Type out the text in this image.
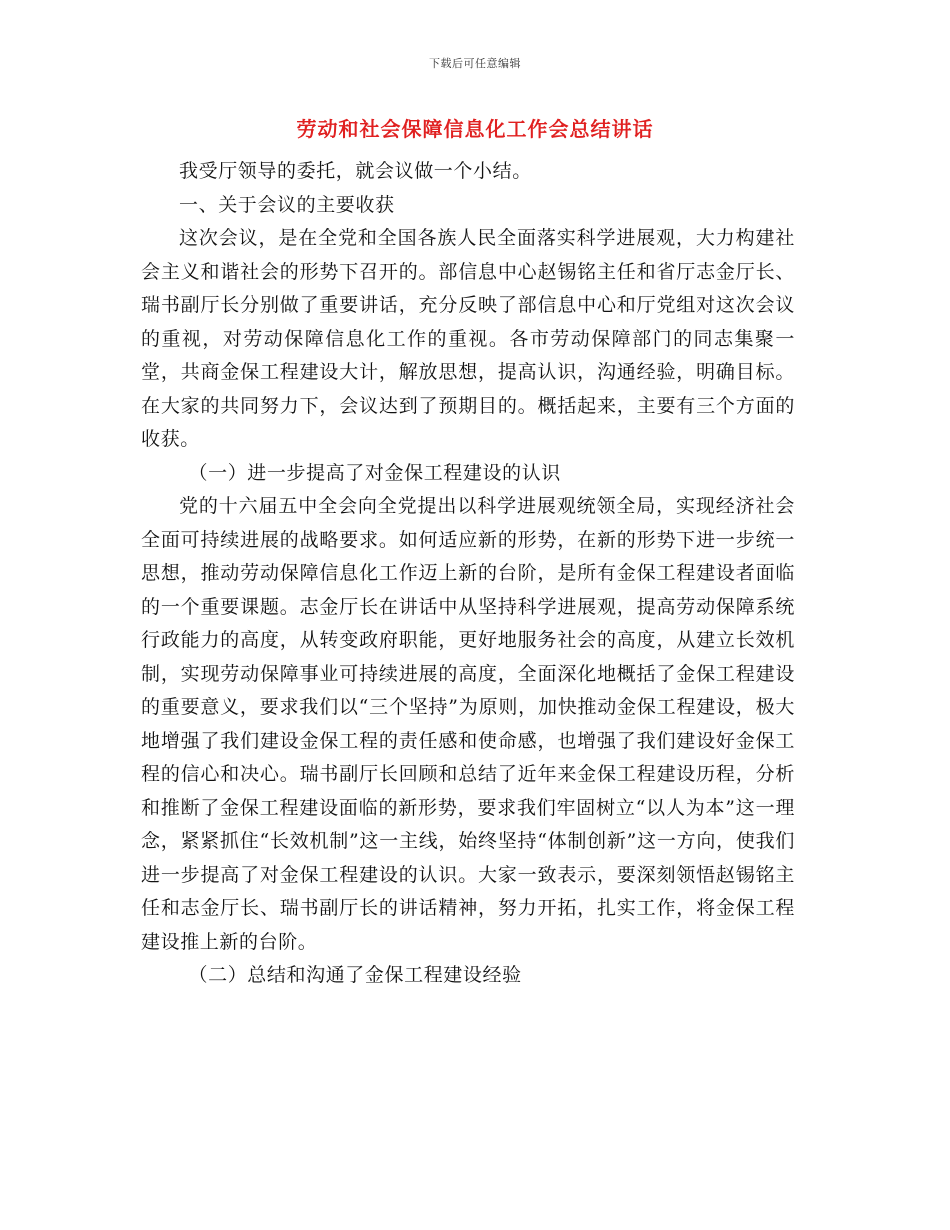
下载后可任意编辑
劳动和社会保障信息化工作会总结讲话

我受厅领导的委托，就会议做一个小结。

一、关于会议的主要收获

这次会议，是在全党和全国各族人民全面落实科学进展观，大力构建社会主义和谐社会的形势下召开的。部信息中心赵锡铭主任和省厅志金厅长、瑞书副厅长分别做了重要讲话，充分反映了部信息中心和厅党组对这次会议的重视，对劳动保障信息化工作的重视。各市劳动保障部门的同志集聚一堂，共商金保工程建设大计，解放思想，提高认识，沟通经验，明确目标。在大家的共同努力下，会议达到了预期目的。概括起来，主要有三个方面的收获。

（一）进一步提高了对金保工程建设的认识

党的十六届五中全会向全党提出以科学进展观统领全局，实现经济社会全面可持续进展的战略要求。如何适应新的形势，在新的形势下进一步统一思想，推动劳动保障信息化工作迈上新的台阶，是所有金保工程建设者面临的一个重要课题。志金厅长在讲话中从坚持科学进展观，提高劳动保障系统行政能力的高度，从转变政府职能，更好地服务社会的高度，从建立长效机制，实现劳动保障事业可持续进展的高度，全面深化地概括了金保工程建设的重要意义，要求我们以“三个坚持”为原则，加快推动金保工程建设，极大地增强了我们建设金保工程的责任感和使命感，也增强了我们建设好金保工程的信心和决心。瑞书副厅长回顾和总结了近年来金保工程建设历程，分析和推断了金保工程建设面临的新形势，要求我们牢固树立“以人为本”这一理念，紧紧抓住“长效机制”这一主线，始终坚持“体制创新”这一方向，使我们进一步提高了对金保工程建设的认识。大家一致表示，要深刻领悟赵锡铭主任和志金厅长、瑞书副厅长的讲话精神，努力开拓，扎实工作，将金保工程建设推上新的台阶。

（二）总结和沟通了金保工程建设经验
